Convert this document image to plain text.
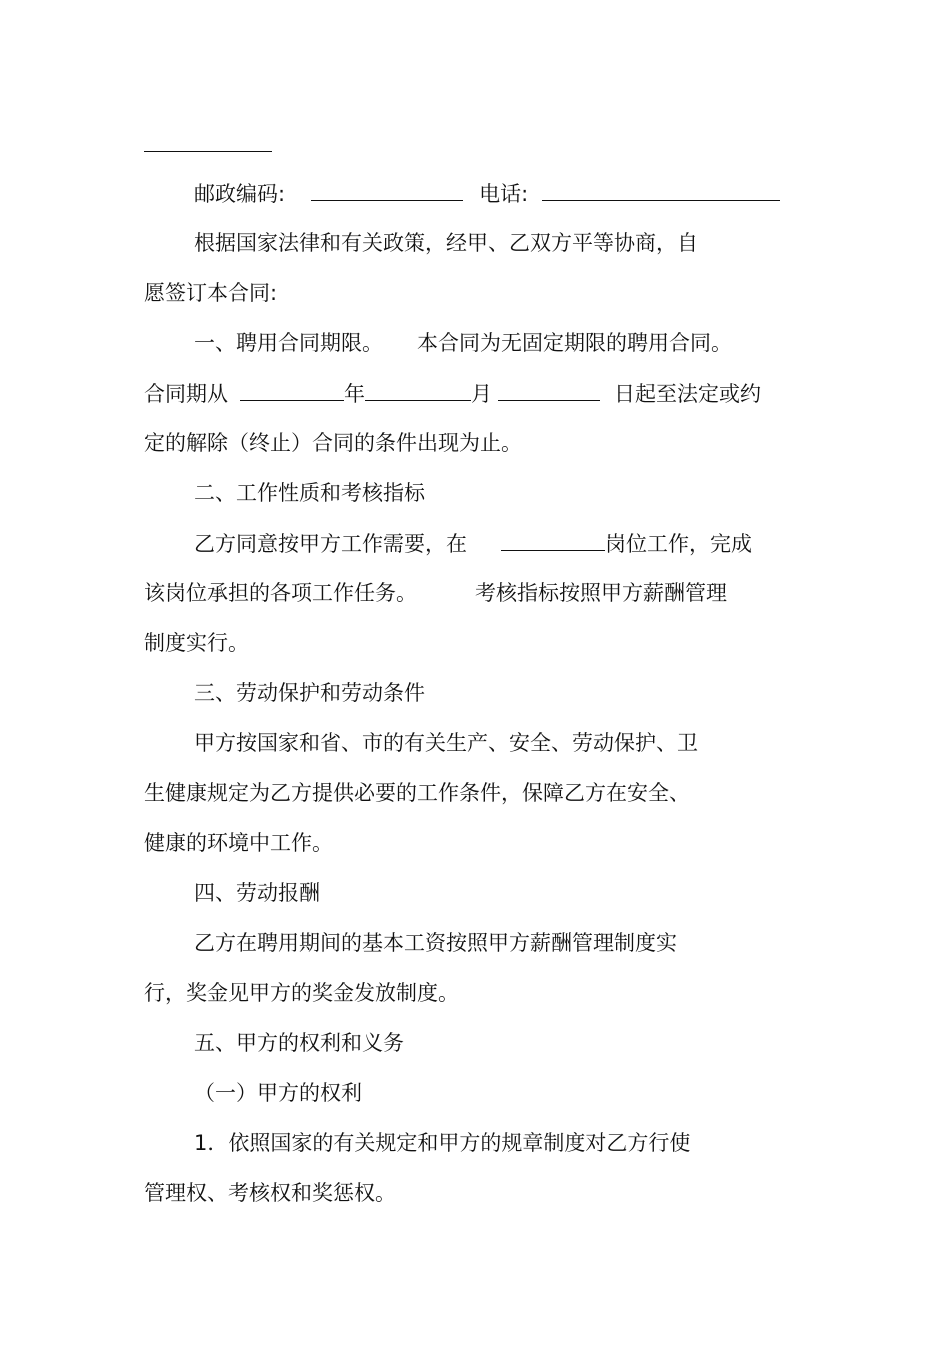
邮政编码:	电话:
根据国家法律和有关政策，经甲、乙双方平等协商，自
愿签订本合同:
一、聘用合同期限。 本合同为无固定期限的聘用合同。
合同期从	年	月	日起至法定或约
定的解除（终止）合同的条件出现为止。
二、工作性质和考核指标
乙方同意按甲方工作需要，在	岗位工作，完成
该岗位承担的各项工作任务。	考核指标按照甲方薪酬管理
制度实行。
三、劳动保护和劳动条件
甲方按国家和省、市的有关生产、安全、劳动保护、卫
生健康规定为乙方提供必要的工作条件，保障乙方在安全、
健康的环境中工作。
四、劳动报酬
乙方在聘用期间的基本工资按照甲方薪酬管理制度实
行，奖金见甲方的奖金发放制度。
五、甲方的权利和义务
（一）甲方的权利
1．依照国家的有关规定和甲方的规章制度对乙方行使
管理权、考核权和奖惩权。
